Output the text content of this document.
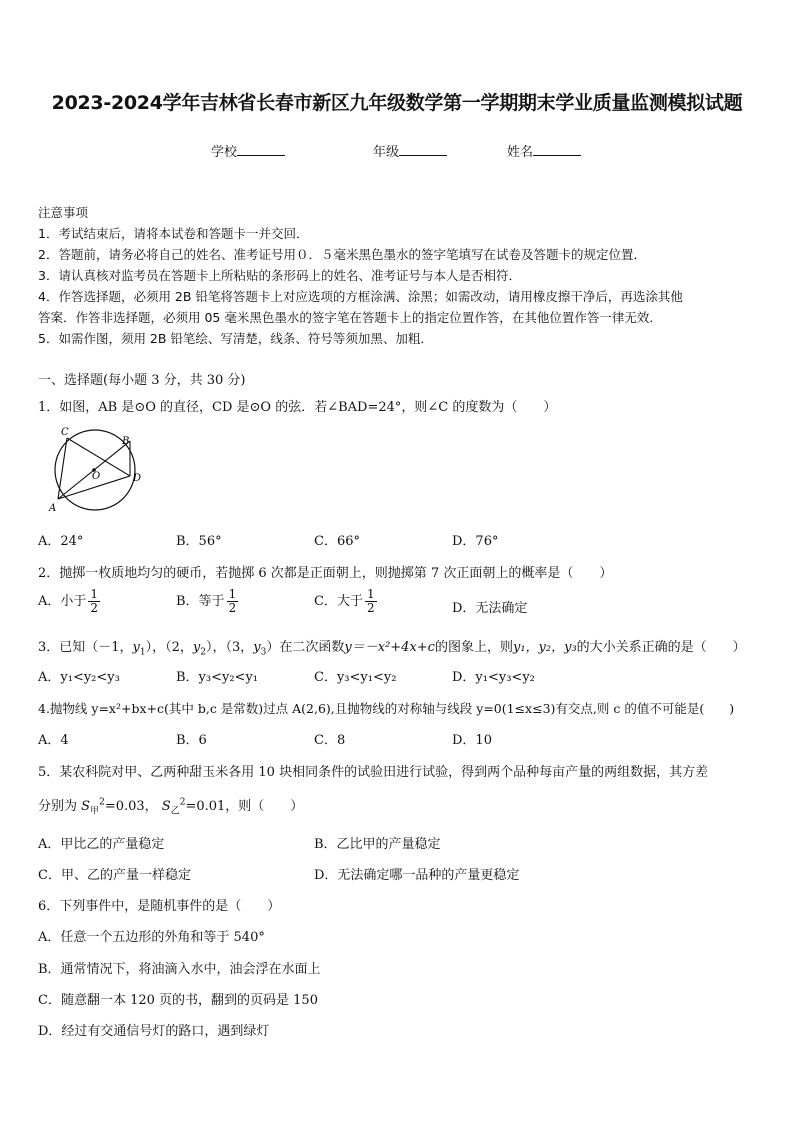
2023-2024学年吉林省长春市新区九年级数学第一学期期末学业质量监测模拟试题
学校	年级	姓名
注意事项
1．考试结束后，请将本试卷和答题卡一并交回．
2．答题前，请务必将自己的姓名、准考证号用０．５毫米黑色墨水的签字笔填写在试卷及答题卡的规定位置．
3．请认真核对监考员在答题卡上所粘贴的条形码上的姓名、准考证号与本人是否相符．
4．作答选择题，必须用 2B 铅笔将答题卡上对应选项的方框涂满、涂黑；如需改动，请用橡皮擦干净后，再选涂其他
答案．作答非选择题，必须用 05 毫米黑色墨水的签字笔在答题卡上的指定位置作答，在其他位置作答一律无效．
5．如需作图，须用 2B 铅笔绘、写清楚，线条、符号等须加黑、加粗．
一、选择题(每小题 3 分，共 30 分)
1．如图，AB 是⊙O 的直径，CD 是⊙O 的弦．若∠BAD=24°，则∠C 的度数为（　　）
C
B
O	D
A
A．24°	B．56°	C．66°	D．76°
2．抛掷一枚质地均匀的硬币，若抛掷 6 次都是正面朝上，则抛掷第 7 次正面朝上的概率是（　　）
A．小于 $\frac{1}{2}$	B．等于 $\frac{1}{2}$	C．大于 $\frac{1}{2}$	D．无法确定
3．已知（－1，$y_1$），（2，$y_2$），（3，$y_3$）在二次函数y＝－x²+4x+c的图象上，则y₁，y₂，y₃的大小关系正确的是（　　）
A．y₁<y₂<y₃	B．y₃<y₂<y₁	C．y₃<y₁<y₂	D．y₁<y₃<y₂
4.抛物线 y=x²+bx+c(其中 b,c 是常数)过点 A(2,6),且抛物线的对称轴与线段 y=0(1≤x≤3)有交点,则 c 的值不可能是(　　)
A．4	B．6	C．8	D．10
5．某农科院对甲、乙两种甜玉米各用 10 块相同条件的试验田进行试验，得到两个品种每亩产量的两组数据，其方差
分别为 $S_甲^2=0.03$， $S_乙^2=0.01$，则（　　）
A．甲比乙的产量稳定	B．乙比甲的产量稳定
C．甲、乙的产量一样稳定	D．无法确定哪一品种的产量更稳定
6．下列事件中，是随机事件的是（　　）
A．任意一个五边形的外角和等于 540°
B．通常情况下，将油滴入水中，油会浮在水面上
C．随意翻一本 120 页的书，翻到的页码是 150
D．经过有交通信号灯的路口，遇到绿灯
